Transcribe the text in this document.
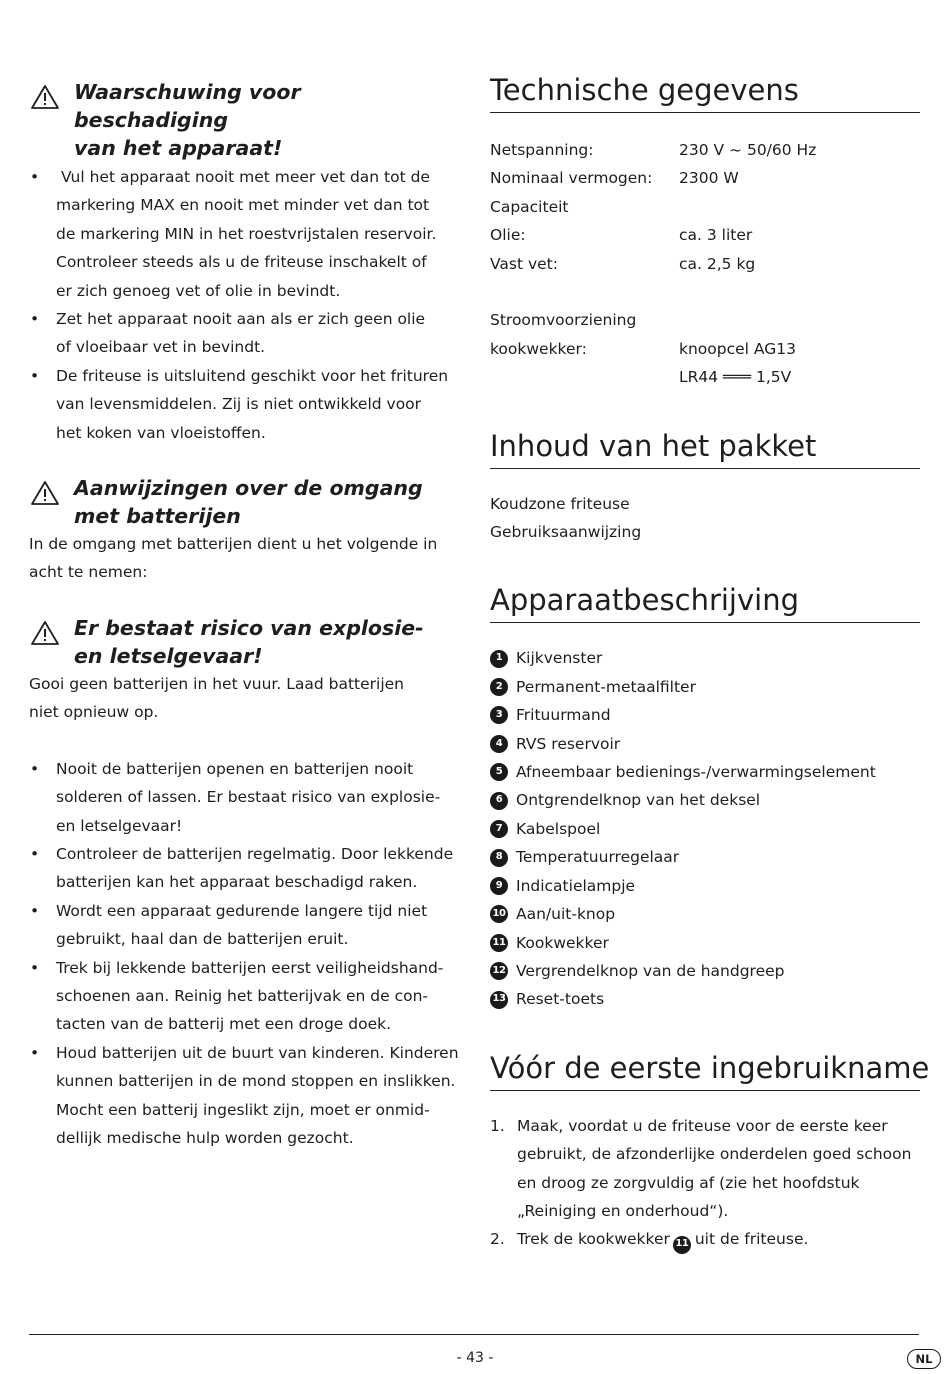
Waarschuwing voor beschadiging
van het apparaat!
•	Vul het apparaat nooit met meer vet dan tot de
markering MAX en nooit met minder vet dan tot
de markering MIN in het roestvrijstalen reservoir.
Controleer steeds als u de friteuse inschakelt of
er zich genoeg vet of olie in bevindt.
• Zet het apparaat nooit aan als er zich geen olie
of vloeibaar vet in bevindt.
• De friteuse is uitsluitend geschikt voor het frituren
van levensmiddelen. Zij is niet ontwikkeld voor
het koken van vloeistoffen.
Aanwijzingen over de omgang
met batterijen
In de omgang met batterijen dient u het volgende in
acht te nemen:
Er bestaat risico van explosie-
en letselgevaar!
Gooi geen batterijen in het vuur. Laad batterijen
niet opnieuw op.
• Nooit de batterijen openen en batterijen nooit
solderen of lassen. Er bestaat risico van explosie-
en letselgevaar!
• Controleer de batterijen regelmatig. Door lekkende
batterijen kan het apparaat beschadigd raken.
• Wordt een apparaat gedurende langere tijd niet
gebruikt, haal dan de batterijen eruit.
• Trek bij lekkende batterijen eerst veiligheidshand-
schoenen aan. Reinig het batterijvak en de con-
tacten van de batterij met een droge doek.
• Houd batterijen uit de buurt van kinderen. Kinderen
kunnen batterijen in de mond stoppen en inslikken.
Mocht een batterij ingeslikt zijn, moet er onmid-
dellijk medische hulp worden gezocht.
Technische gegevens
Netspanning:	230 V ~ 50/60 Hz
Nominaal vermogen:	2300 W
Capaciteit	
Olie:	ca. 3 liter
Vast vet:	ca. 2,5 kg

Stroomvoorziening	
kookwekker:	knoopcel AG13
	LR44 ═══ 1,5V
Inhoud van het pakket
Koudzone friteuse
Gebruiksaanwijzing
Apparaatbeschrijving
1 Kijkvenster
2 Permanent-metaalfilter
3 Frituurmand
4 RVS reservoir
5 Afneembaar bedienings-/verwarmingselement
6 Ontgrendelknop van het deksel
7 Kabelspoel
8 Temperatuurregelaar
9 Indicatielampje
10 Aan/uit-knop
11 Kookwekker
12 Vergrendelknop van de handgreep
13 Reset-toets
Vóór de eerste ingebruikname
1. Maak, voordat u de friteuse voor de eerste keer
gebruikt, de afzonderlijke onderdelen goed schoon
en droog ze zorgvuldig af (zie het hoofdstuk
„Reiniging en onderhoud“).
2. Trek de kookwekker 11 uit de friteuse.
- 43 -	NL
